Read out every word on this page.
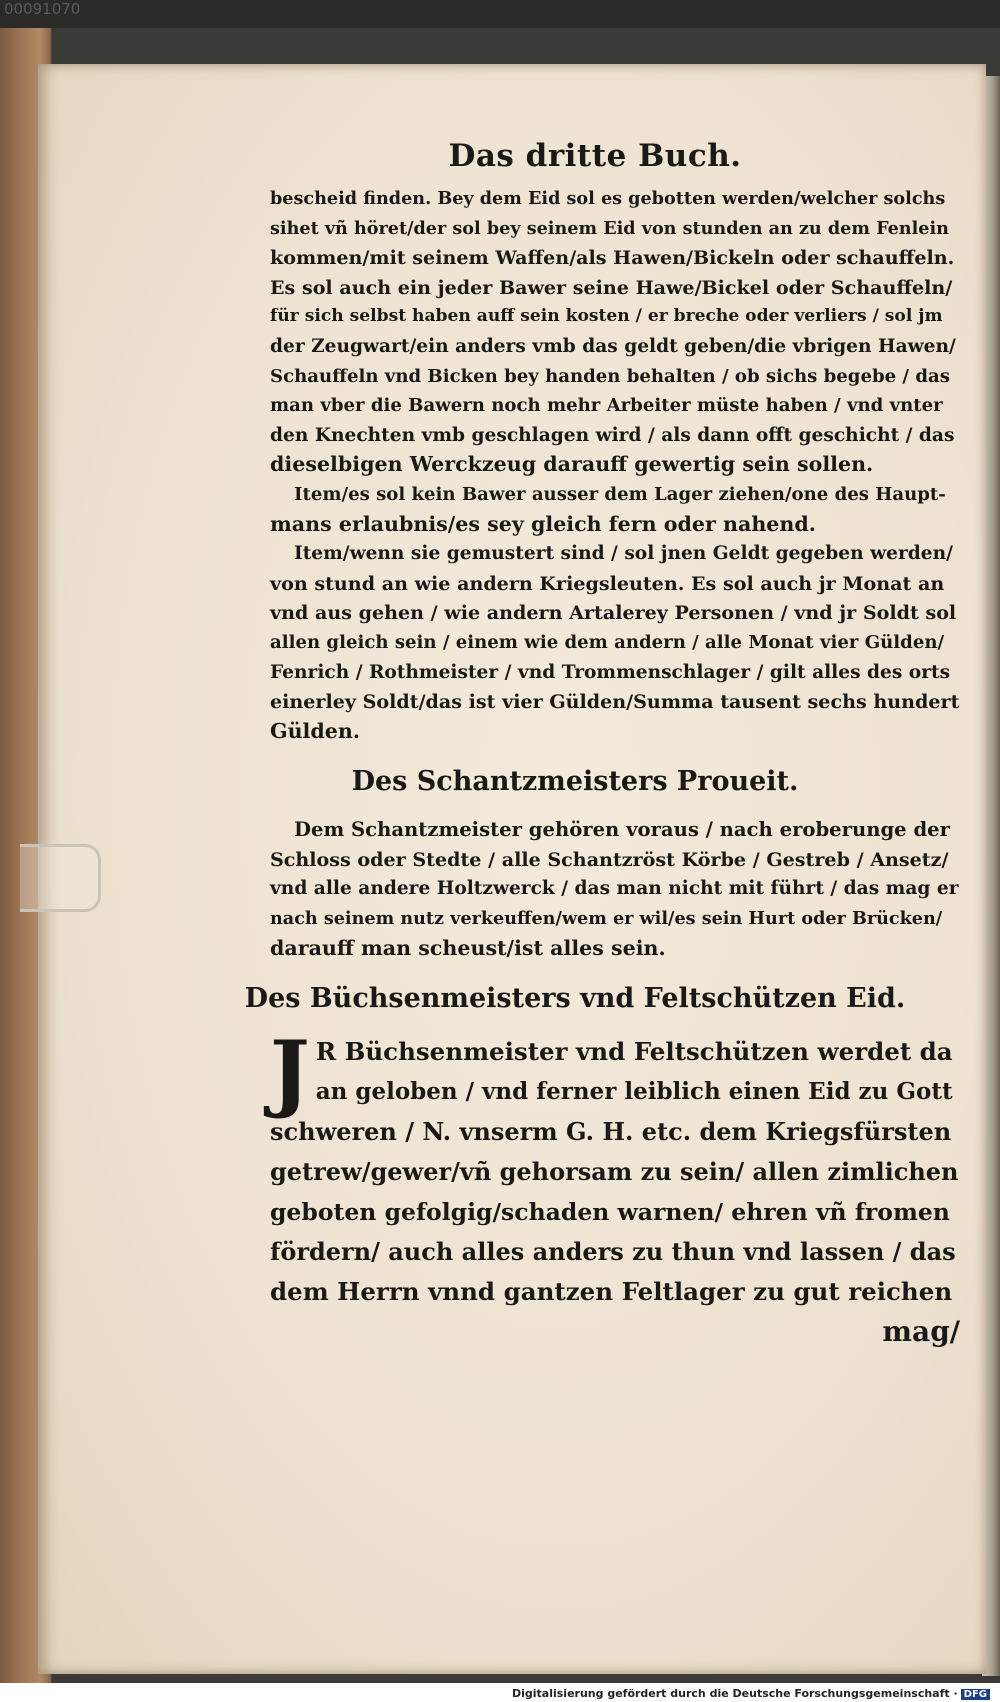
00091070
Das dritte Buch.

bescheid finden. Bey dem Eid sol es gebotten werden/welcher solchs
sihet vñ höret/der sol bey seinem Eid von stunden an zu dem Fenlein
kommen/mit seinem Waffen/als Hawen/Bickeln oder schauffeln.
Es sol auch ein jeder Bawer seine Hawe/Bickel oder Schauffeln/
für sich selbst haben auff sein kosten / er breche oder verliers / sol jm
der Zeugwart/ein anders vmb das geldt geben/die vbrigen Hawen/
Schauffeln vnd Bicken bey handen behalten / ob sichs begebe / das
man vber die Bawern noch mehr Arbeiter müste haben / vnd vnter
den Knechten vmb geschlagen wird / als dann offt geschicht / das
dieselbigen Werckzeug darauff gewertig sein sollen.

Item/es sol kein Bawer ausser dem Lager ziehen/one des Haupt-
mans erlaubnis/es sey gleich fern oder nahend.

Item/wenn sie gemustert sind / sol jnen Geldt gegeben werden/
von stund an wie andern Kriegsleuten. Es sol auch jr Monat an
vnd aus gehen / wie andern Artalerey Personen / vnd jr Soldt sol
allen gleich sein / einem wie dem andern / alle Monat vier Gülden/
Fenrich / Rothmeister / vnd Trommenschlager / gilt alles des orts
einerley Soldt/das ist vier Gülden/Summa tausent sechs hundert
Gülden.

Des Schantzmeisters Proueit.

Dem Schantzmeister gehören voraus / nach eroberunge der
Schloss oder Stedte / alle Schantzröst Körbe / Gestreb / Ansetz/
vnd alle andere Holtzwerck / das man nicht mit führt / das mag er
nach seinem nutz verkeuffen/wem er wil/es sein Hurt oder Brücken/
darauff man scheust/ist alles sein.

Des Büchsenmeisters vnd Feltschützen Eid.
J R Büchsenmeister vnd Feltschützen werdet da
an geloben / vnd ferner leiblich einen Eid zu Gott
schweren / N. vnserm G. H. etc. dem Kriegsfürsten
getrew/gewer/vñ gehorsam zu sein/ allen zimlichen
geboten gefolgig/schaden warnen/ ehren vñ fromen
fördern/ auch alles anders zu thun vnd lassen / das
dem Herrn vnnd gantzen Feltlager zu gut reichen
mag/
Digitalisierung gefördert durch die Deutsche Forschungsgemeinschaft · DFG
